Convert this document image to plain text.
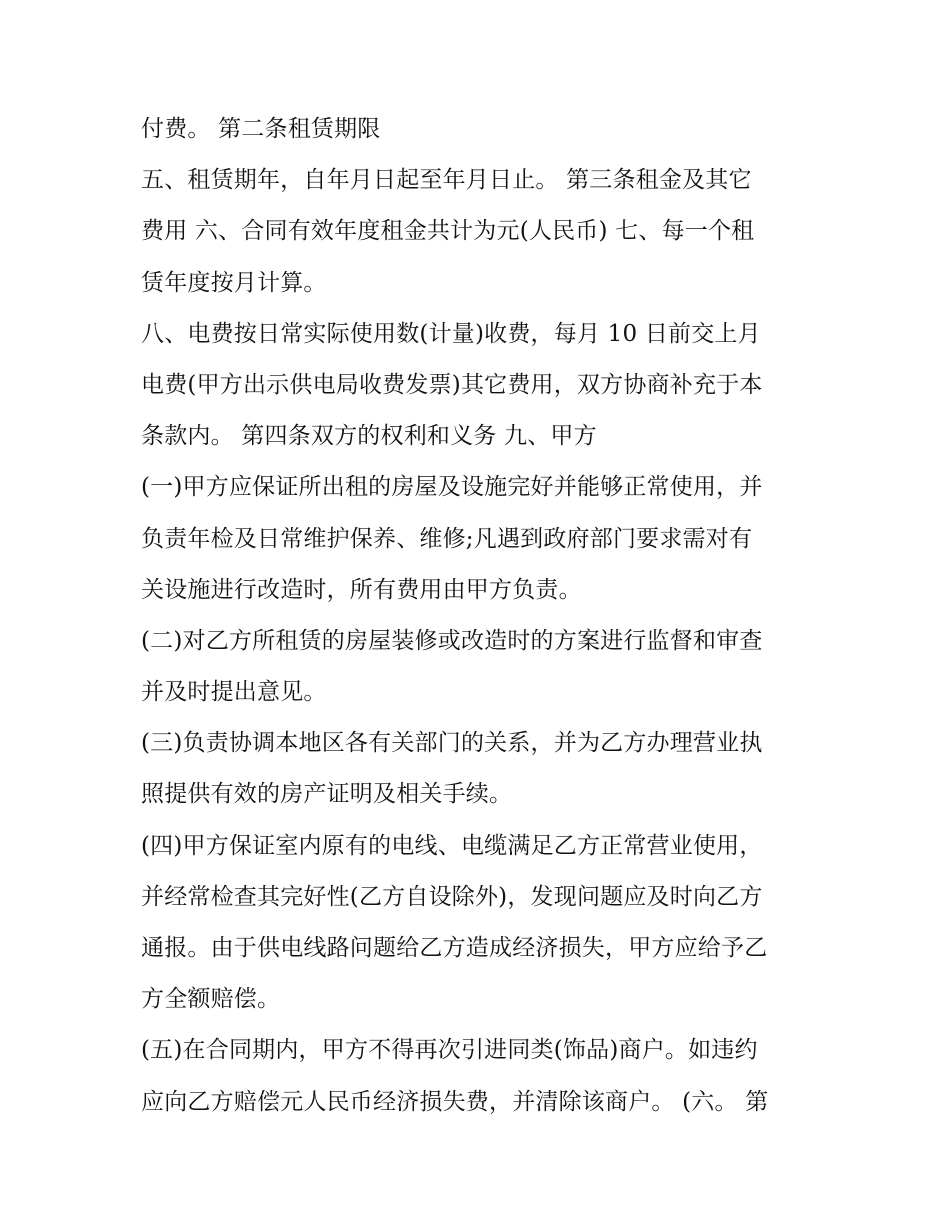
付费。 第二条租赁期限
五、租赁期年，自年月日起至年月日止。 第三条租金及其它
费用 六、合同有效年度租金共计为元(人民币) 七、每一个租
赁年度按月计算。
八、电费按日常实际使用数(计量)收费，每月 10 日前交上月
电费(甲方出示供电局收费发票)其它费用，双方协商补充于本
条款内。 第四条双方的权利和义务 九、甲方
(一)甲方应保证所出租的房屋及设施完好并能够正常使用，并
负责年检及日常维护保养、维修;凡遇到政府部门要求需对有
关设施进行改造时，所有费用由甲方负责。
(二)对乙方所租赁的房屋装修或改造时的方案进行监督和审查
并及时提出意见。
(三)负责协调本地区各有关部门的关系，并为乙方办理营业执
照提供有效的房产证明及相关手续。
(四)甲方保证室内原有的电线、电缆满足乙方正常营业使用，
并经常检查其完好性(乙方自设除外)，发现问题应及时向乙方
通报。由于供电线路问题给乙方造成经济损失，甲方应给予乙
方全额赔偿。
(五)在合同期内，甲方不得再次引进同类(饰品)商户。如违约
应向乙方赔偿元人民币经济损失费，并清除该商户。 (六。 第
